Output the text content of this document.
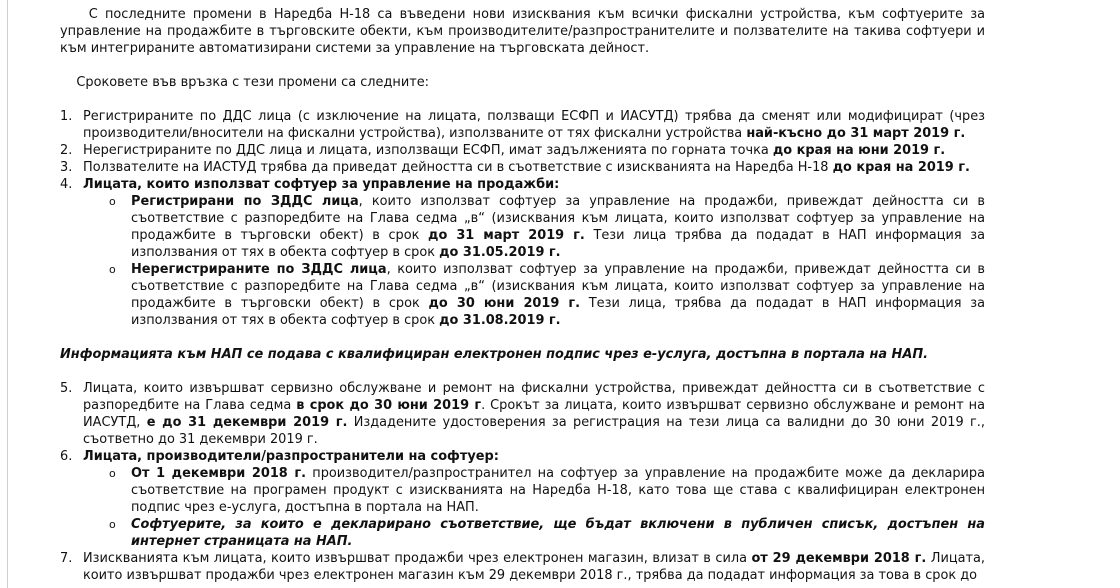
С последните промени в Наредба Н-18 са въведени нови изисквания към всички фискални устройства, към софтуерите за управление на продажбите в търговските обекти, към производителите/разпространителите и ползвателите на такива софтуери и към интегрираните автоматизирани системи за управление на търговската дейност.

Сроковете във връзка с тези промени са следните:

1. Регистрираните по ДДС лица (с изключение на лицата, ползващи ЕСФП и ИАСУТД) трябва да сменят или модифицират (чрез производители/вносители на фискални устройства), използваните от тях фискални устройства най-късно до 31 март 2019 г.
2. Нерегистрираните по ДДС лица и лицата, използващи ЕСФП, имат задълженията по горната точка до края на юни 2019 г.
3. Ползвателите на ИАСТУД трябва да приведат дейността си в съответствие с изискванията на Наредба Н-18 до края на 2019 г.
4. Лицата, които използват софтуер за управление на продажби:
o Регистрирани по ЗДДС лица, които използват софтуер за управление на продажби, привеждат дейността си в съответствие с разпоредбите на Глава седма „в“ (изисквания към лицата, които използват софтуер за управление на продажбите в търговски обект) в срок до 31 март 2019 г. Тези лица трябва да подадат в НАП информация за използвания от тях в обекта софтуер в срок до 31.05.2019 г.
o Нерегистрираните по ЗДДС лица, които използват софтуер за управление на продажби, привеждат дейността си в съответствие с разпоредбите на Глава седма „в“ (изисквания към лицата, които използват софтуер за управление на продажбите в търговски обект) в срок до 30 юни 2019 г. Тези лица, трябва да подадат в НАП информация за използвания от тях в обекта софтуер в срок до 31.08.2019 г.

Информацията към НАП се подава с квалифициран електронен подпис чрез е-услуга, достъпна в портала на НАП.

5. Лицата, които извършват сервизно обслужване и ремонт на фискални устройства, привеждат дейността си в съответствие с разпоредбите на Глава седма в срок до 30 юни 2019 г. Срокът за лицата, които извършват сервизно обслужване и ремонт на ИАСУТД, е до 31 декември 2019 г. Издадените удостоверения за регистрация на тези лица са валидни до 30 юни 2019 г., съответно до 31 декември 2019 г.
6. Лицата, производители/разпространители на софтуер:
o От 1 декември 2018 г. производител/разпространител на софтуер за управление на продажбите може да декларира съответствие на програмен продукт с изискванията на Наредба Н-18, като това ще става с квалифициран електронен подпис чрез е-услуга, достъпна в портала на НАП.
o Софтуерите, за които е декларирано съответствие, ще бъдат включени в публичен списък, достъпен на интернет страницата на НАП.
7. Изискванията към лицата, които извършват продажби чрез електронен магазин, влизат в сила от 29 декември 2018 г. Лицата, които извършват продажби чрез електронен магазин към 29 декември 2018 г., трябва да подадат информация за това в срок до
